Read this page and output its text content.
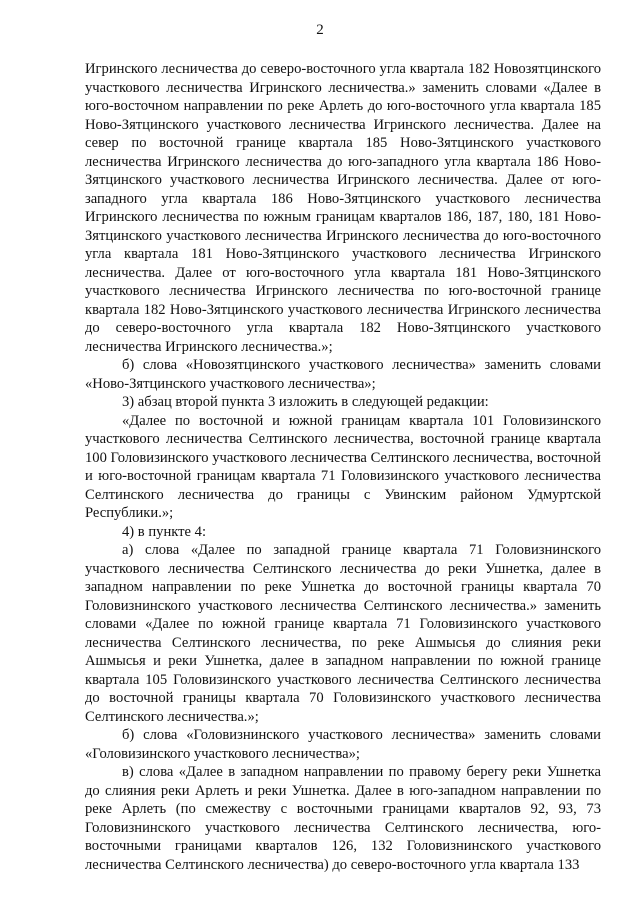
2

Игринского лесничества до северо-восточного угла квартала 182 Новозятцинского участкового лесничества Игринского лесничества.» заменить словами «Далее в юго-восточном направлении по реке Арлеть до юго-восточного угла квартала 185 Ново-Зятцинского участкового лесничества Игринского лесничества. Далее на север по восточной границе квартала 185 Ново-Зятцинского участкового лесничества Игринского лесничества до юго-западного угла квартала 186 Ново-Зятцинского участкового лесничества Игринского лесничества. Далее от юго-западного угла квартала 186 Ново-Зятцинского участкового лесничества Игринского лесничества по южным границам кварталов 186, 187, 180, 181 Ново-Зятцинского участкового лесничества Игринского лесничества до юго-восточного угла квартала 181 Ново-Зятцинского участкового лесничества Игринского лесничества. Далее от юго-восточного угла квартала 181 Ново-Зятцинского участкового лесничества Игринского лесничества по юго-восточной границе квартала 182 Ново-Зятцинского участкового лесничества Игринского лесничества до северо-восточного угла квартала 182 Ново-Зятцинского участкового лесничества Игринского лесничества.»;

б) слова «Новозятцинского участкового лесничества» заменить словами «Ново-Зятцинского участкового лесничества»;

3) абзац второй пункта 3 изложить в следующей редакции:

«Далее по восточной и южной границам квартала 101 Головизинского участкового лесничества Селтинского лесничества, восточной границе квартала 100 Головизинского участкового лесничества Селтинского лесничества, восточной и юго-восточной границам квартала 71 Головизинского участкового лесничества Селтинского лесничества до границы с Увинским районом Удмуртской Республики.»;

4) в пункте 4:

а) слова «Далее по западной границе квартала 71 Головизнинского участкового лесничества Селтинского лесничества до реки Ушнетка, далее в западном направлении по реке Ушнетка до восточной границы квартала 70 Головизнинского участкового лесничества Селтинского лесничества.» заменить словами «Далее по южной границе квартала 71 Головизинского участкового лесничества Селтинского лесничества, по реке Ашмысья до слияния реки Ашмысья и реки Ушнетка, далее в западном направлении по южной границе квартала 105 Головизинского участкового лесничества Селтинского лесничества до восточной границы квартала 70 Головизинского участкового лесничества Селтинского лесничества.»;

б) слова «Головизнинского участкового лесничества» заменить словами «Головизинского участкового лесничества»;

в) слова «Далее в западном направлении по правому берегу реки Ушнетка до слияния реки Арлеть и реки Ушнетка. Далее в юго-западном направлении по реке Арлеть (по смежеству с восточными границами кварталов 92, 93, 73 Головизнинского участкового лесничества Селтинского лесничества, юго-восточными границами кварталов 126, 132 Головизнинского участкового лесничества Селтинского лесничества) до северо-восточного угла квартала 133
